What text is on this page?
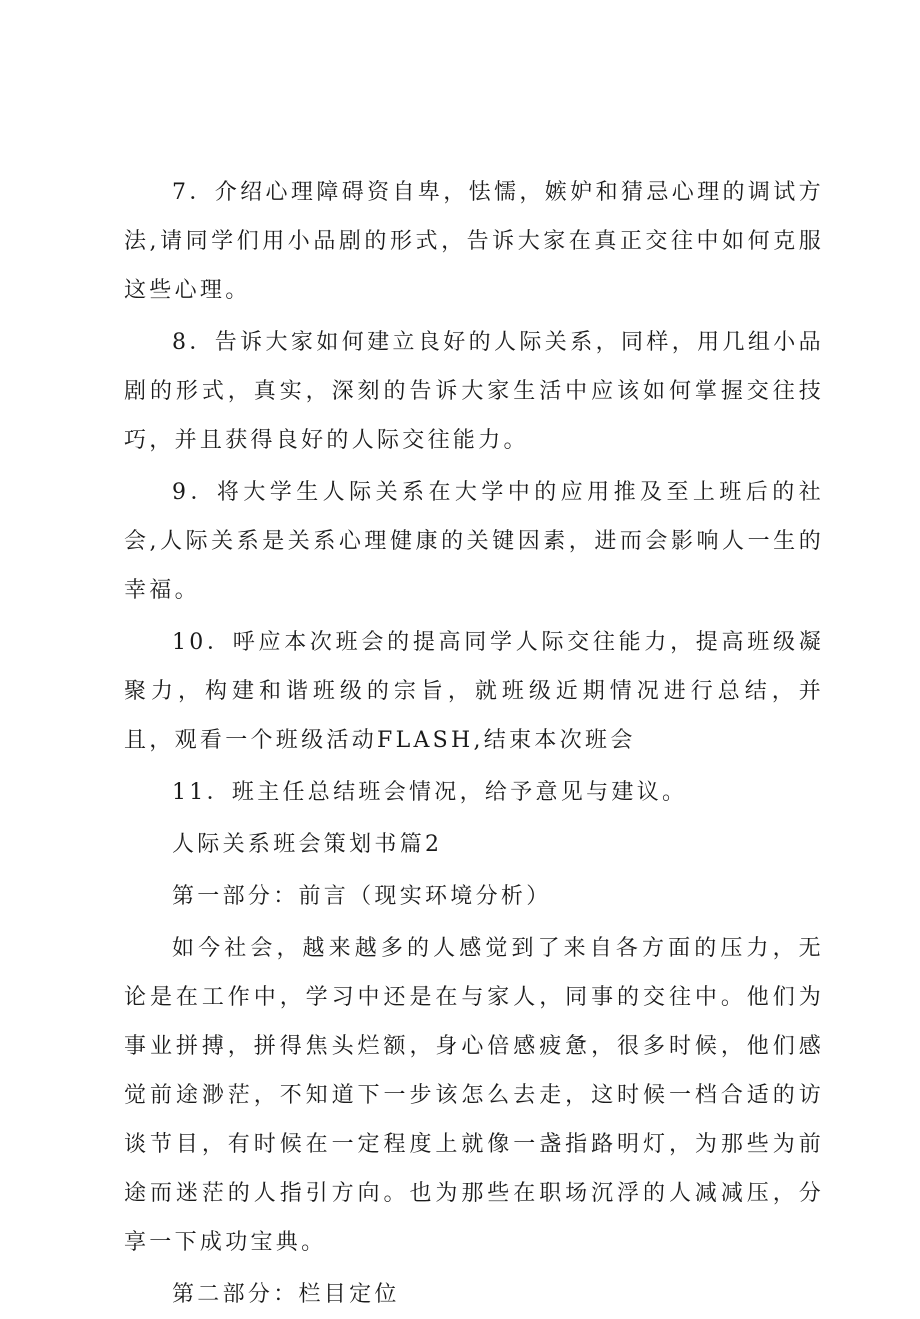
7．介绍心理障碍资自卑，怯懦，嫉妒和猜忌心理的调试方法,请同学们用小品剧的形式，告诉大家在真正交往中如何克服这些心理。

8．告诉大家如何建立良好的人际关系，同样，用几组小品剧的形式，真实，深刻的告诉大家生活中应该如何掌握交往技巧，并且获得良好的人际交往能力。

9．将大学生人际关系在大学中的应用推及至上班后的社会,人际关系是关系心理健康的关键因素，进而会影响人一生的幸福。

10．呼应本次班会的提高同学人际交往能力，提高班级凝聚力，构建和谐班级的宗旨，就班级近期情况进行总结，并且，观看一个班级活动FLASH,结束本次班会

11．班主任总结班会情况，给予意见与建议。

人际关系班会策划书篇2

第一部分：前言（现实环境分析）

如今社会，越来越多的人感觉到了来自各方面的压力，无论是在工作中，学习中还是在与家人，同事的交往中。他们为事业拼搏，拼得焦头烂额，身心倍感疲惫，很多时候，他们感觉前途渺茫，不知道下一步该怎么去走，这时候一档合适的访谈节目，有时候在一定程度上就像一盏指路明灯，为那些为前途而迷茫的人指引方向。也为那些在职场沉浮的人减减压，分享一下成功宝典。

第二部分：栏目定位
